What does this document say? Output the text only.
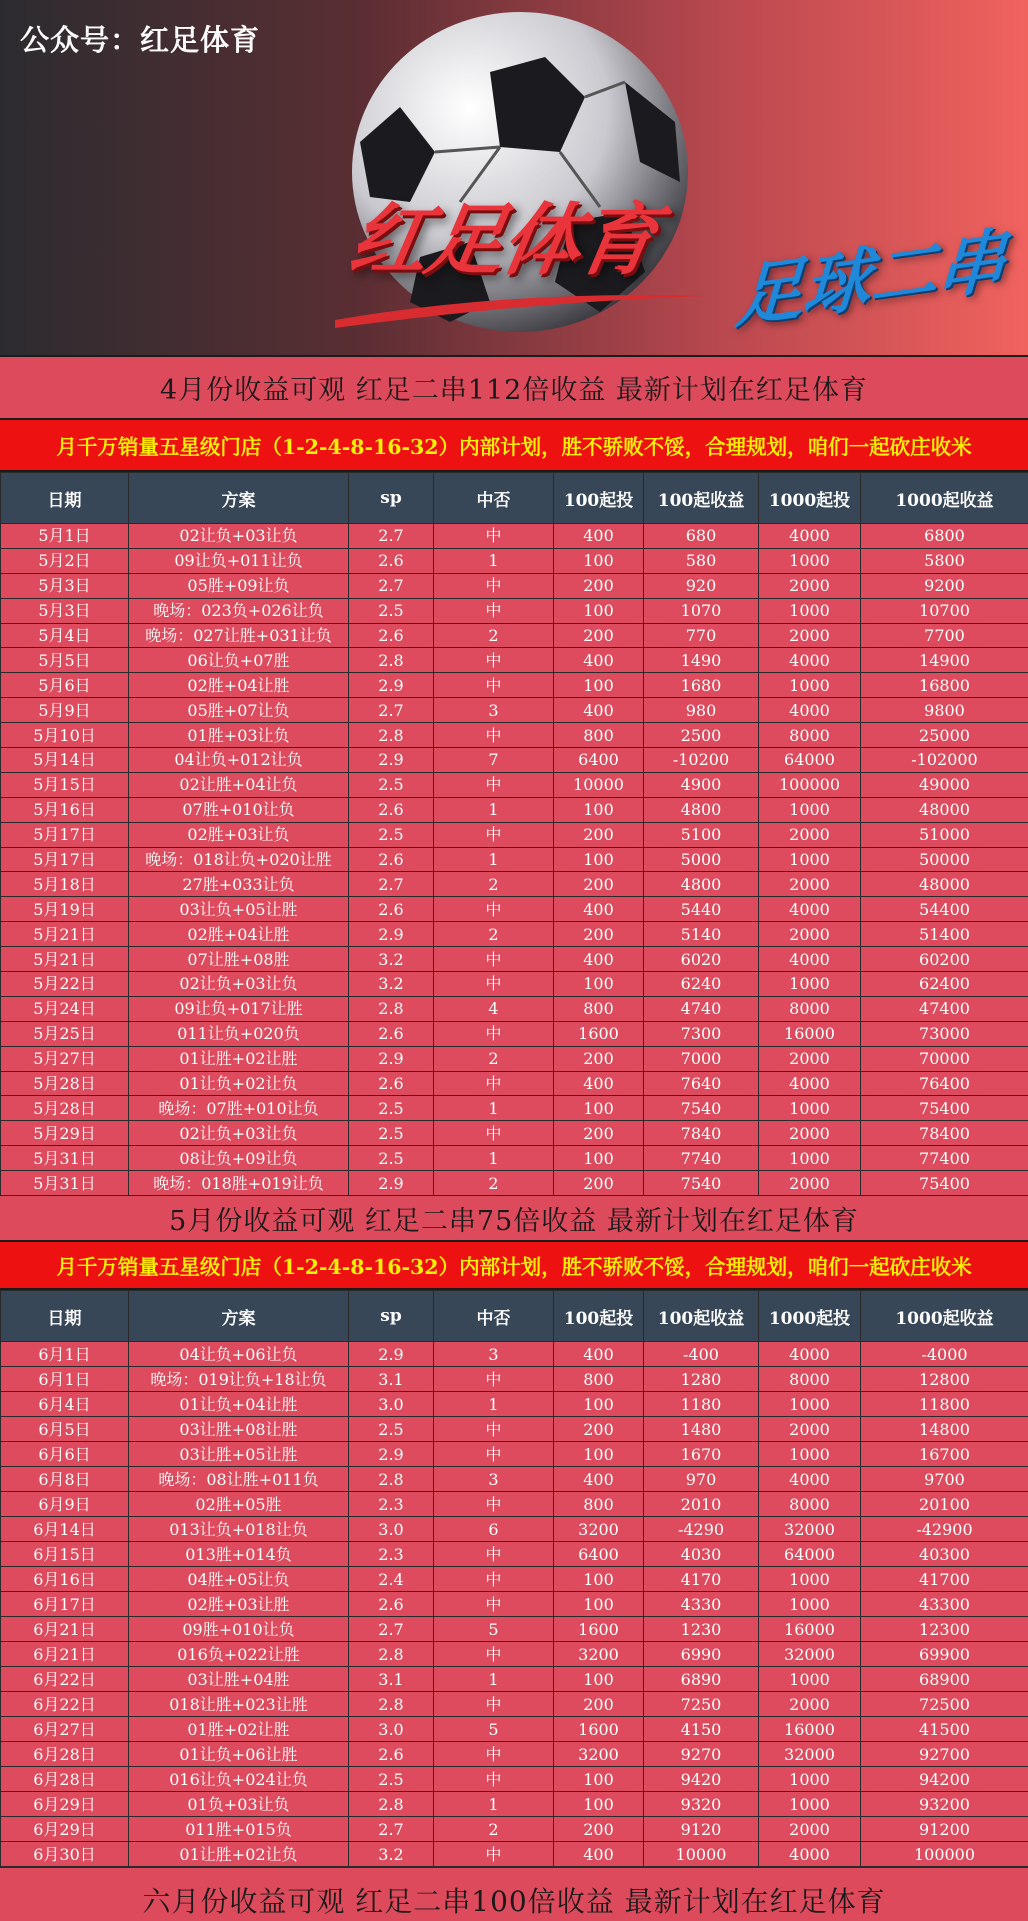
公众号：红足体育
红足体育 足球二串
4月份收益可观 红足二串112倍收益 最新计划在红足体育
月千万销量五星级门店（1-2-4-8-16-32）内部计划，胜不骄败不馁，合理规划，咱们一起砍庄收米
日期	方案	sp	中否	100起投	100起收益	1000起投	1000起收益
5月1日	02让负+03让负	2.7	中	400	680	4000	6800
5月2日	09让负+011让负	2.6	1	100	580	1000	5800
5月3日	05胜+09让负	2.7	中	200	920	2000	9200
5月3日	晚场：023负+026让负	2.5	中	100	1070	1000	10700
5月4日	晚场：027让胜+031让负	2.6	2	200	770	2000	7700
5月5日	06让负+07胜	2.8	中	400	1490	4000	14900
5月6日	02胜+04让胜	2.9	中	100	1680	1000	16800
5月9日	05胜+07让负	2.7	3	400	980	4000	9800
5月10日	01胜+03让负	2.8	中	800	2500	8000	25000
5月14日	04让负+012让负	2.9	7	6400	-10200	64000	-102000
5月15日	02让胜+04让负	2.5	中	10000	4900	100000	49000
5月16日	07胜+010让负	2.6	1	100	4800	1000	48000
5月17日	02胜+03让负	2.5	中	200	5100	2000	51000
5月17日	晚场：018让负+020让胜	2.6	1	100	5000	1000	50000
5月18日	27胜+033让负	2.7	2	200	4800	2000	48000
5月19日	03让负+05让胜	2.6	中	400	5440	4000	54400
5月21日	02胜+04让胜	2.9	2	200	5140	2000	51400
5月21日	07让胜+08胜	3.2	中	400	6020	4000	60200
5月22日	02让负+03让负	3.2	中	100	6240	1000	62400
5月24日	09让负+017让胜	2.8	4	800	4740	8000	47400
5月25日	011让负+020负	2.6	中	1600	7300	16000	73000
5月27日	01让胜+02让胜	2.9	2	200	7000	2000	70000
5月28日	01让负+02让负	2.6	中	400	7640	4000	76400
5月28日	晚场：07胜+010让负	2.5	1	100	7540	1000	75400
5月29日	02让负+03让负	2.5	中	200	7840	2000	78400
5月31日	08让负+09让负	2.5	1	100	7740	1000	77400
5月31日	晚场：018胜+019让负	2.9	2	200	7540	2000	75400
5月份收益可观 红足二串75倍收益 最新计划在红足体育
月千万销量五星级门店（1-2-4-8-16-32）内部计划，胜不骄败不馁，合理规划，咱们一起砍庄收米
日期	方案	sp	中否	100起投	100起收益	1000起投	1000起收益
6月1日	04让负+06让负	2.9	3	400	-400	4000	-4000
6月1日	晚场：019让负+18让负	3.1	中	800	1280	8000	12800
6月4日	01让负+04让胜	3.0	1	100	1180	1000	11800
6月5日	03让胜+08让胜	2.5	中	200	1480	2000	14800
6月6日	03让胜+05让胜	2.9	中	100	1670	1000	16700
6月8日	晚场：08让胜+011负	2.8	3	400	970	4000	9700
6月9日	02胜+05胜	2.3	中	800	2010	8000	20100
6月14日	013让负+018让负	3.0	6	3200	-4290	32000	-42900
6月15日	013胜+014负	2.3	中	6400	4030	64000	40300
6月16日	04胜+05让负	2.4	中	100	4170	1000	41700
6月17日	02胜+03让胜	2.6	中	100	4330	1000	43300
6月21日	09胜+010让负	2.7	5	1600	1230	16000	12300
6月21日	016负+022让胜	2.8	中	3200	6990	32000	69900
6月22日	03让胜+04胜	3.1	1	100	6890	1000	68900
6月22日	018让胜+023让胜	2.8	中	200	7250	2000	72500
6月27日	01胜+02让胜	3.0	5	1600	4150	16000	41500
6月28日	01让负+06让胜	2.6	中	3200	9270	32000	92700
6月28日	016让负+024让负	2.5	中	100	9420	1000	94200
6月29日	01负+03让负	2.8	1	100	9320	1000	93200
6月29日	011胜+015负	2.7	2	200	9120	2000	91200
6月30日	01让胜+02让负	3.2	中	400	10000	4000	100000
六月份收益可观 红足二串100倍收益 最新计划在红足体育
